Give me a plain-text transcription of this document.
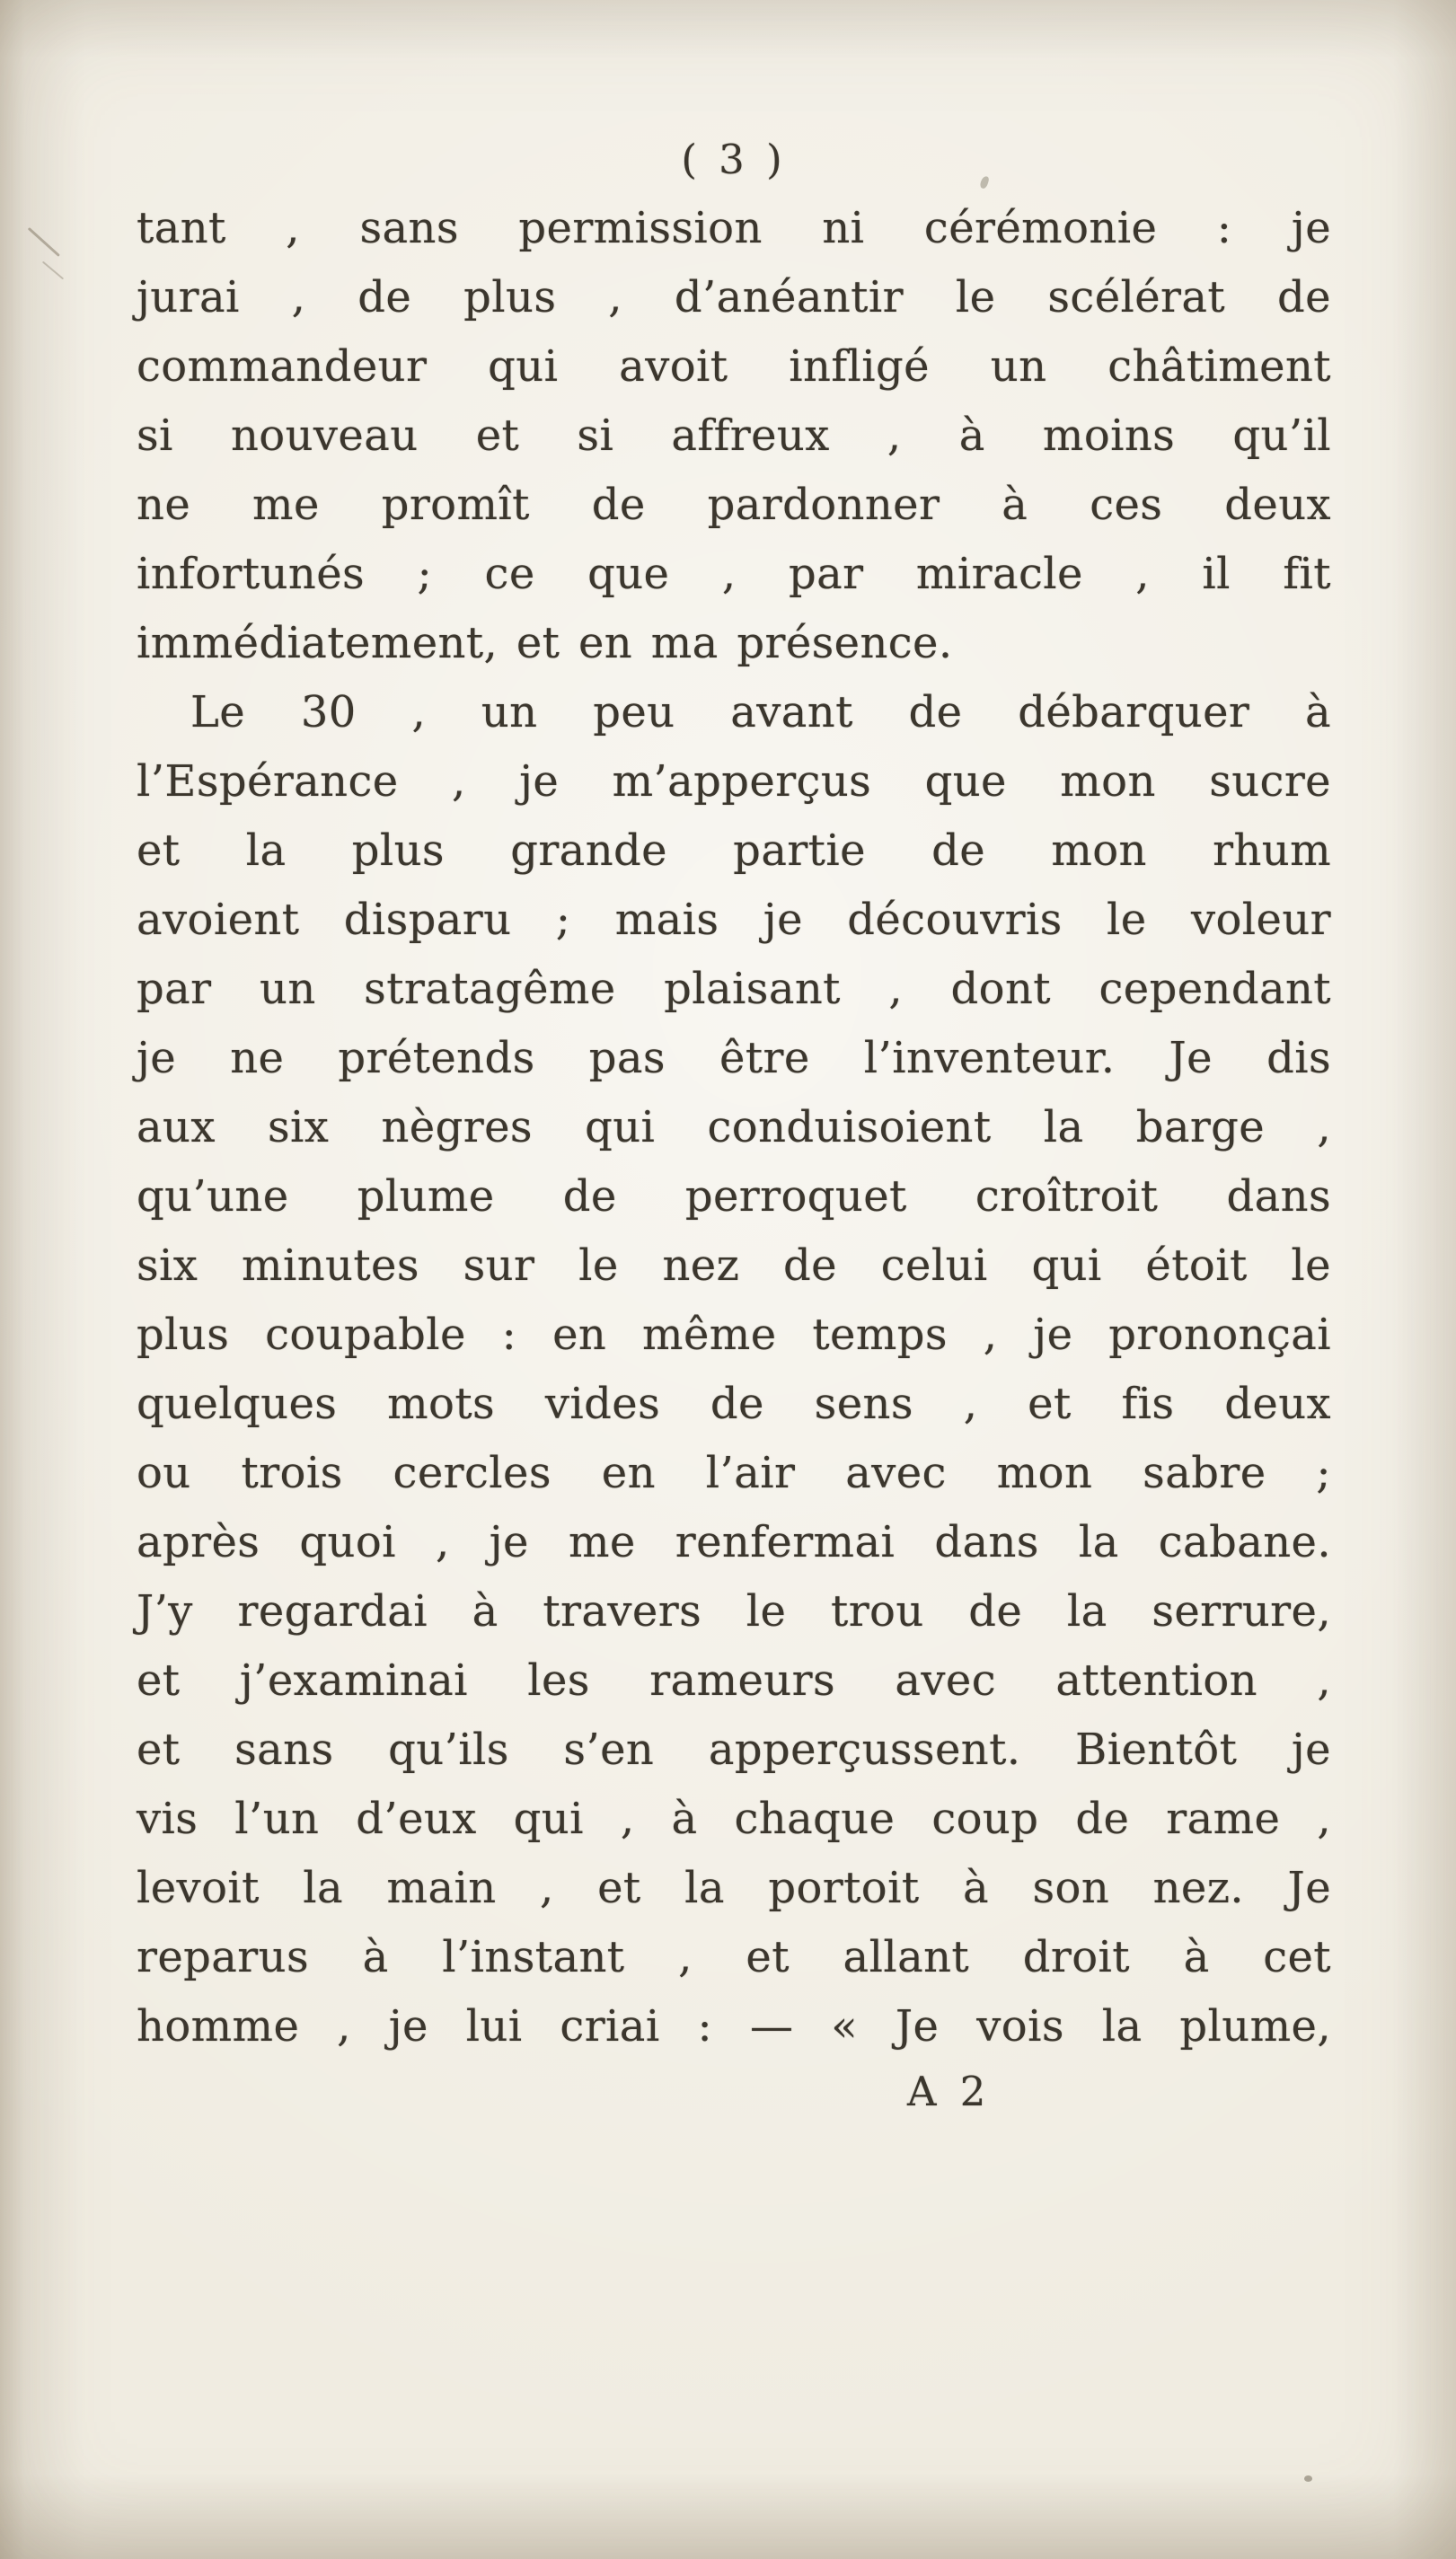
( 3 )
tant , sans permission ni cérémonie : je
jurai , de plus , d’anéantir le scélérat de
commandeur qui avoit infligé un châtiment
si nouveau et si affreux , à moins qu’il
ne me promît de pardonner à ces deux
infortunés ; ce que , par miracle , il fit
immédiatement, et en ma présence.
Le 30 , un peu avant de débarquer à
l’Espérance , je m’apperçus que mon sucre
et la plus grande partie de mon rhum
avoient disparu ; mais je découvris le voleur
par un stratagême plaisant , dont cependant
je ne prétends pas être l’inventeur. Je dis
aux six nègres qui conduisoient la barge ,
qu’une plume de perroquet croîtroit dans
six minutes sur le nez de celui qui étoit le
plus coupable : en même temps , je prononçai
quelques mots vides de sens , et fis deux
ou trois cercles en l’air avec mon sabre ;
après quoi , je me renfermai dans la cabane.
J’y regardai à travers le trou de la serrure,
et j’examinai les rameurs avec attention ,
et sans qu’ils s’en apperçussent. Bientôt je
vis l’un d’eux qui , à chaque coup de rame ,
levoit la main , et la portoit à son nez. Je
reparus à l’instant , et allant droit à cet
homme , je lui criai : — « Je vois la plume,
A 2
